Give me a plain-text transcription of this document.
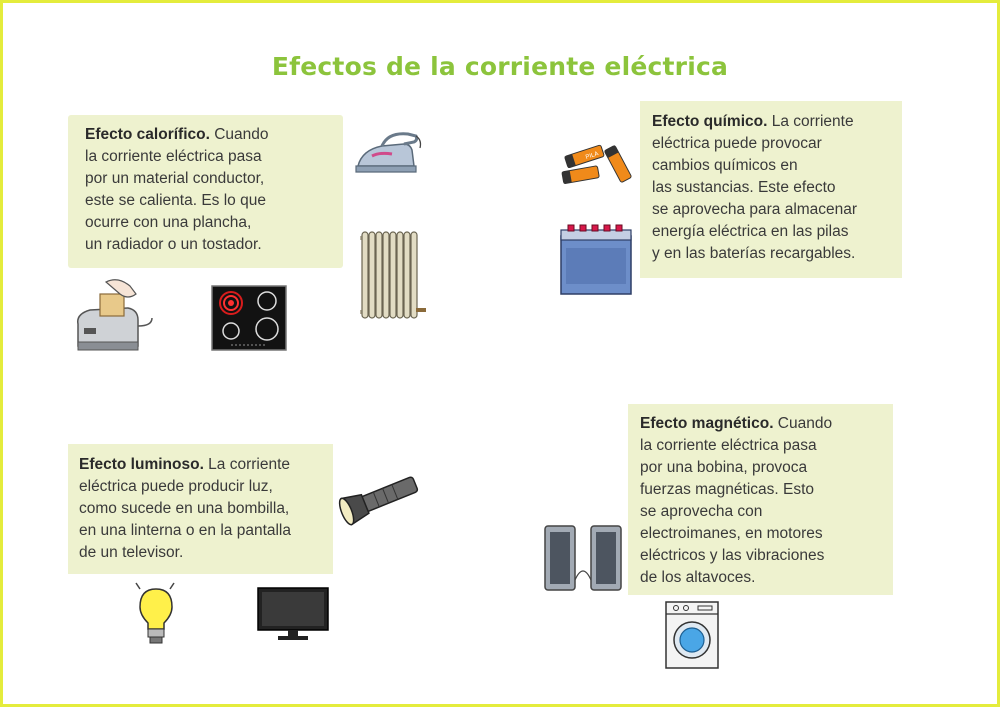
Efectos de la corriente eléctrica
Efecto calorífico. Cuando
la corriente eléctrica pasa
por un material conductor,
este se calienta. Es lo que
ocurre con una plancha,
un radiador o un tostador.
Efecto químico. La corriente
eléctrica puede provocar
cambios químicos en
las sustancias. Este efecto
se aprovecha para almacenar
energía eléctrica en las pilas
y en las baterías recargables.
Efecto luminoso. La corriente
eléctrica puede producir luz,
como sucede en una bombilla,
en una linterna o en la pantalla
de un televisor.
Efecto magnético. Cuando
la corriente eléctrica pasa
por una bobina, provoca
fuerzas magnéticas. Esto
se aprovecha con
electroimanes, en motores
eléctricos y las vibraciones
de los altavoces.
PILA
